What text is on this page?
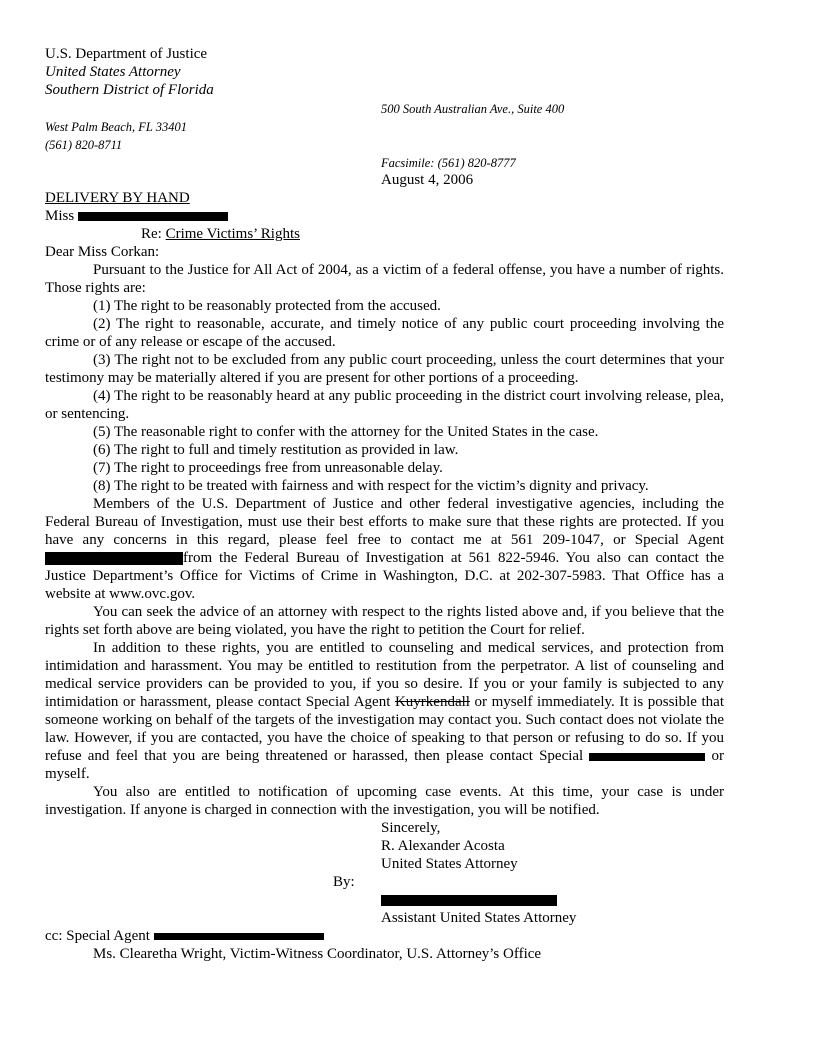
U.S. Department of Justice
United States Attorney
Southern District of Florida
500 South Australian Ave., Suite 400
West Palm Beach, FL 33401
(561) 820-8711
Facsimile: (561) 820-8777
August 4, 2006
DELIVERY BY HAND
Miss
Re: Crime Victims’ Rights
Dear Miss Corkan:

Pursuant to the Justice for All Act of 2004, as a victim of a federal offense, you have a number of rights. Those rights are:

(1) The right to be reasonably protected from the accused.

(2) The right to reasonable, accurate, and timely notice of any public court proceeding involving the crime or of any release or escape of the accused.

(3) The right not to be excluded from any public court proceeding, unless the court determines that your testimony may be materially altered if you are present for other portions of a proceeding.

(4) The right to be reasonably heard at any public proceeding in the district court involving release, plea, or sentencing.

(5) The reasonable right to confer with the attorney for the United States in the case.

(6) The right to full and timely restitution as provided in law.

(7) The right to proceedings free from unreasonable delay.

(8) The right to be treated with fairness and with respect for the victim’s dignity and privacy.

Members of the U.S. Department of Justice and other federal investigative agencies, including the Federal Bureau of Investigation, must use their best efforts to make sure that these rights are protected. If you have any concerns in this regard, please feel free to contact me at 561 209-1047, or Special Agent from the Federal Bureau of Investigation at 561 822-5946. You also can contact the Justice Department’s Office for Victims of Crime in Washington, D.C. at 202-307-5983. That Office has a website at www.ovc.gov.

You can seek the advice of an attorney with respect to the rights listed above and, if you believe that the rights set forth above are being violated, you have the right to petition the Court for relief.

In addition to these rights, you are entitled to counseling and medical services, and protection from intimidation and harassment. You may be entitled to restitution from the perpetrator. A list of counseling and medical service providers can be provided to you, if you so desire. If you or your family is subjected to any intimidation or harassment, please contact Special Agent Kuyrkendall or myself immediately. It is possible that someone working on behalf of the targets of the investigation may contact you. Such contact does not violate the law. However, if you are contacted, you have the choice of speaking to that person or refusing to do so. If you refuse and feel that you are being threatened or harassed, then please contact Special	or myself.

You also are entitled to notification of upcoming case events. At this time, your case is under investigation. If anyone is charged in connection with the investigation, you will be notified.

Sincerely,
R. Alexander Acosta
United States Attorney
By:
Assistant United States Attorney
cc: Special Agent
Ms. Clearetha Wright, Victim-Witness Coordinator, U.S. Attorney’s Office
